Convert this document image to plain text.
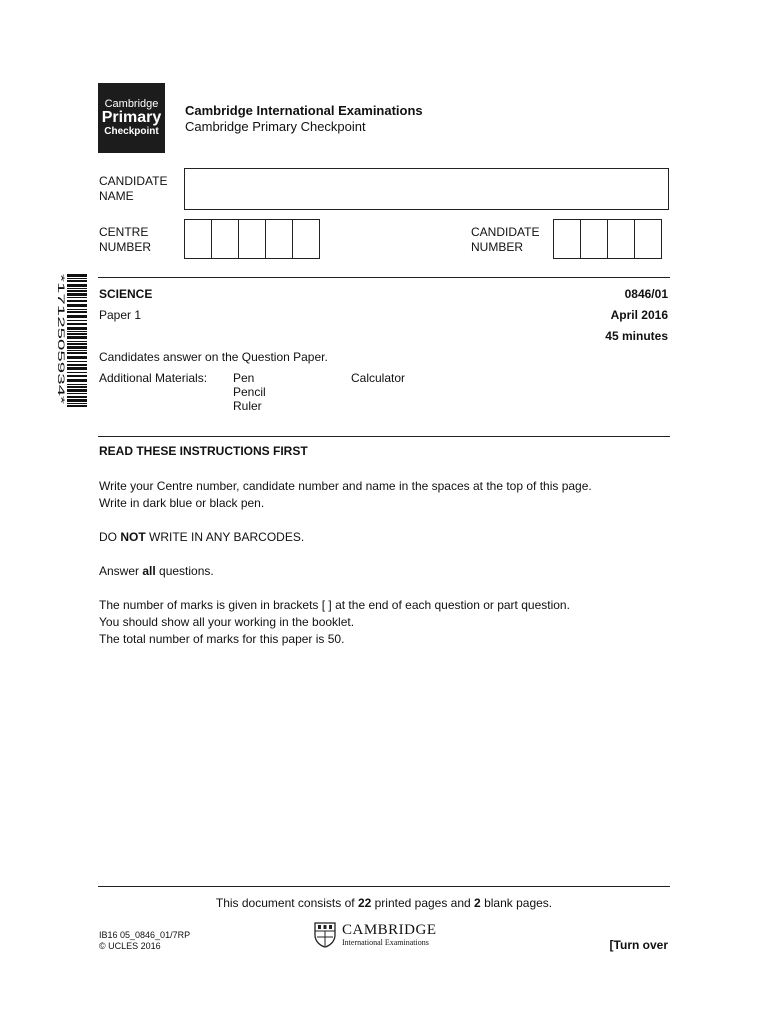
Cambridge
Primary
Checkpoint
Cambridge International Examinations
Cambridge Primary Checkpoint
CANDIDATE
NAME
CENTRE
NUMBER
CANDIDATE
NUMBER
*1712505934*	SCIENCE	0846/01
Paper 1	April 2016
45 minutes
Candidates answer on the Question Paper.
Additional Materials: Pen
Pencil
Ruler
Calculator
READ THESE INSTRUCTIONS FIRST

Write your Centre number, candidate number and name in the spaces at the top of this page.

Write in dark blue or black pen.

DO NOT WRITE IN ANY BARCODES.

Answer all questions.

The number of marks is given in brackets [ ] at the end of each question or part question.

You should show all your working in the booklet.

The total number of marks for this paper is 50.

This document consists of 22 printed pages and 2 blank pages.
IB16 05_0846_01/7RP
© UCLES 2016
CAMBRIDGE
International Examinations	[Turn over
